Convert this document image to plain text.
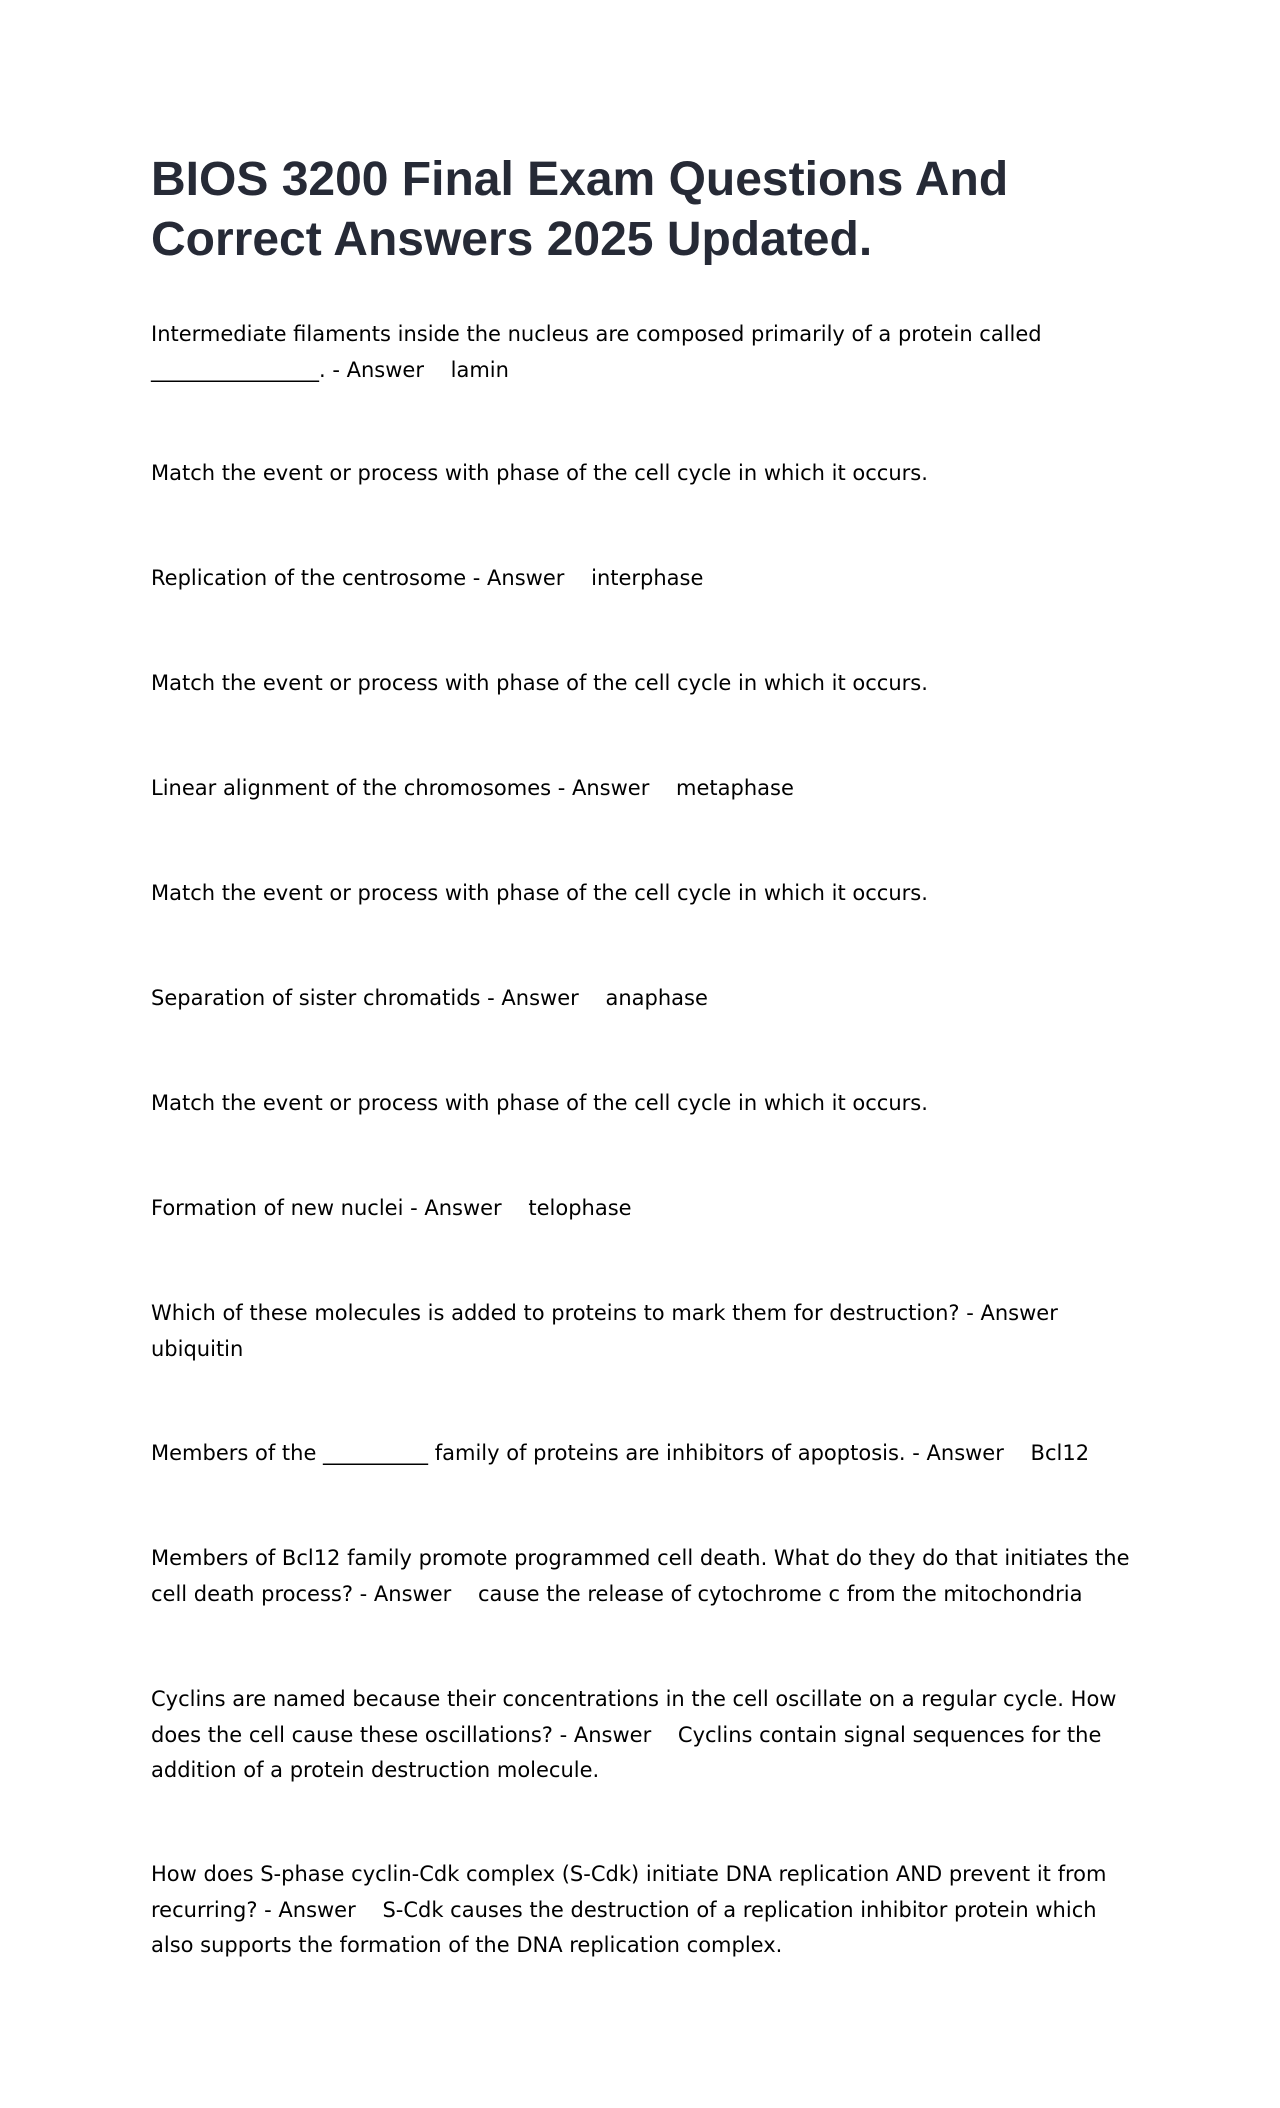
BIOS 3200 Final Exam Questions And Correct Answers 2025 Updated.

Intermediate filaments inside the nucleus are composed primarily of a protein called ________________. - Answer    lamin

Match the event or process with phase of the cell cycle in which it occurs.

Replication of the centrosome - Answer    interphase

Match the event or process with phase of the cell cycle in which it occurs.

Linear alignment of the chromosomes - Answer    metaphase

Match the event or process with phase of the cell cycle in which it occurs.

Separation of sister chromatids - Answer    anaphase

Match the event or process with phase of the cell cycle in which it occurs.

Formation of new nuclei - Answer    telophase

Which of these molecules is added to proteins to mark them for destruction? - Answer    ubiquitin

Members of the __________ family of proteins are inhibitors of apoptosis. - Answer    Bcl12

Members of Bcl12 family promote programmed cell death. What do they do that initiates the cell death process? - Answer    cause the release of cytochrome c from the mitochondria

Cyclins are named because their concentrations in the cell oscillate on a regular cycle. How does the cell cause these oscillations? - Answer    Cyclins contain signal sequences for the addition of a protein destruction molecule.

How does S-phase cyclin-Cdk complex (S-Cdk) initiate DNA replication AND prevent it from recurring? - Answer    S-Cdk causes the destruction of a replication inhibitor protein which also supports the formation of the DNA replication complex.
